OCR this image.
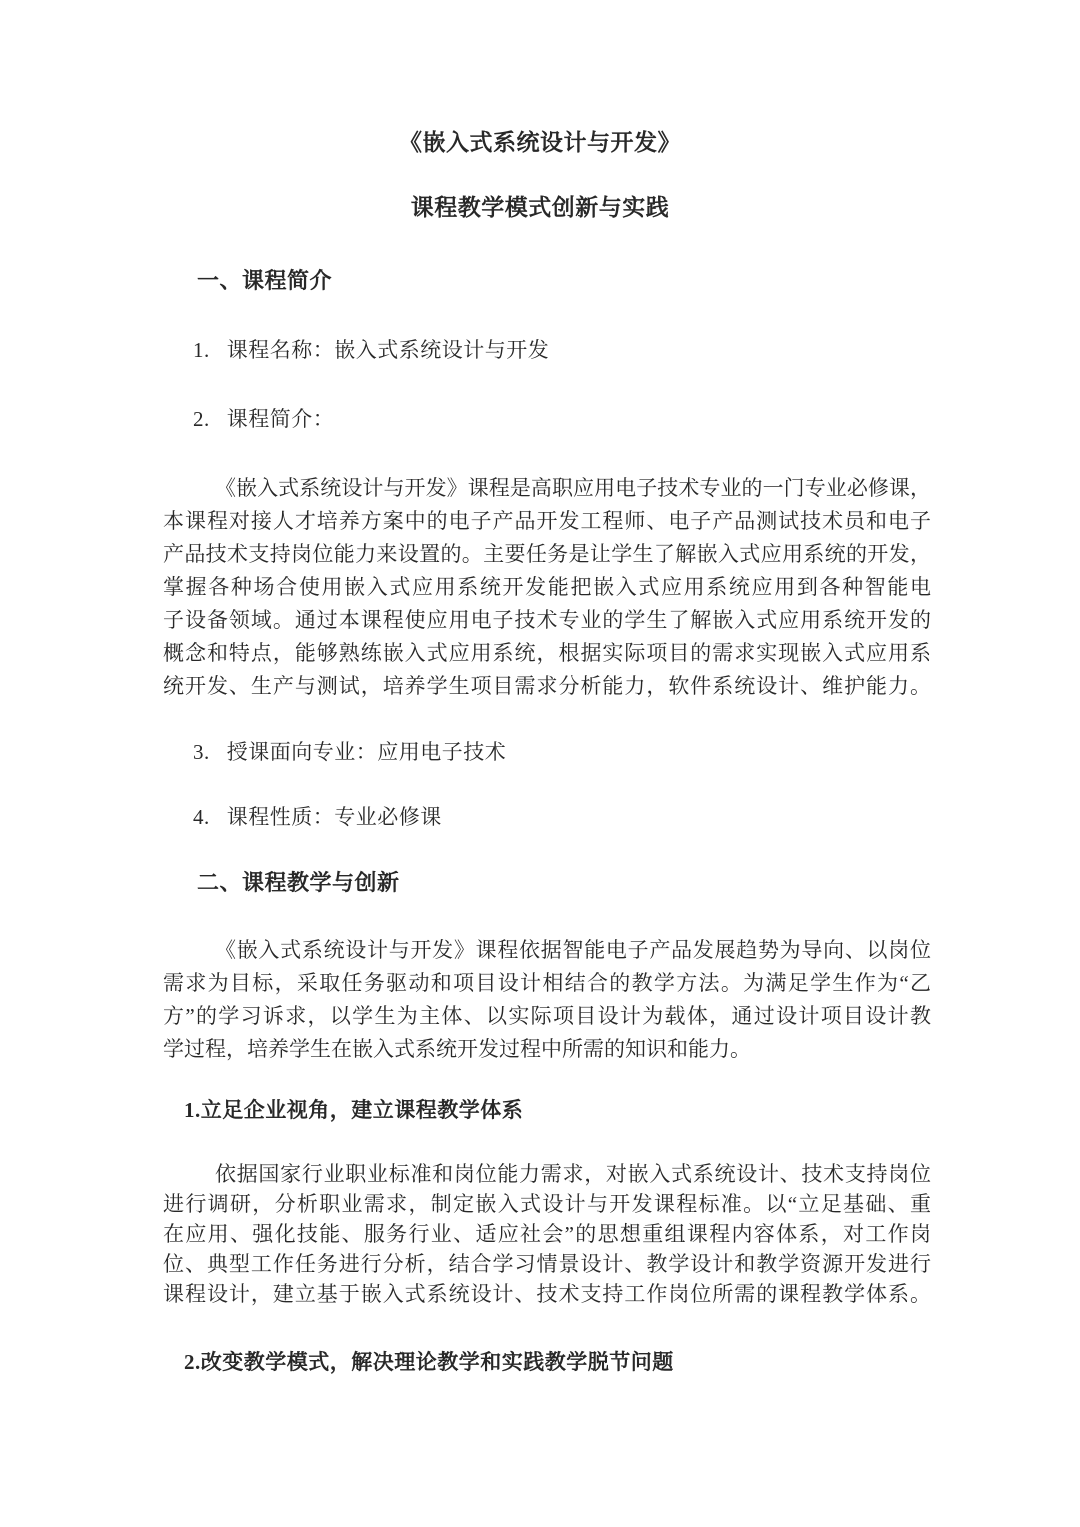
《嵌入式系统设计与开发》
课程教学模式创新与实践
一、课程简介
1. 课程名称：嵌入式系统设计与开发
2. 课程简介：
《嵌入式系统设计与开发》课程是高职应用电子技术专业的一门专业必修课，
本课程对接人才培养方案中的电子产品开发工程师、电子产品测试技术员和电子
产品技术支持岗位能力来设置的。主要任务是让学生了解嵌入式应用系统的开发，
掌握各种场合使用嵌入式应用系统开发能把嵌入式应用系统应用到各种智能电
子设备领域。通过本课程使应用电子技术专业的学生了解嵌入式应用系统开发的
概念和特点，能够熟练嵌入式应用系统，根据实际项目的需求实现嵌入式应用系
统开发、生产与测试，培养学生项目需求分析能力，软件系统设计、维护能力。
3. 授课面向专业：应用电子技术
4. 课程性质：专业必修课
二、课程教学与创新
《嵌入式系统设计与开发》课程依据智能电子产品发展趋势为导向、以岗位
需求为目标，采取任务驱动和项目设计相结合的教学方法。为满足学生作为“乙
方”的学习诉求，以学生为主体、以实际项目设计为载体，通过设计项目设计教
学过程，培养学生在嵌入式系统开发过程中所需的知识和能力。
1.立足企业视角，建立课程教学体系
依据国家行业职业标准和岗位能力需求，对嵌入式系统设计、技术支持岗位
进行调研，分析职业需求，制定嵌入式设计与开发课程标准。以“立足基础、重
在应用、强化技能、服务行业、适应社会”的思想重组课程内容体系，对工作岗
位、典型工作任务进行分析，结合学习情景设计、教学设计和教学资源开发进行
课程设计，建立基于嵌入式系统设计、技术支持工作岗位所需的课程教学体系。
2.改变教学模式，解决理论教学和实践教学脱节问题
